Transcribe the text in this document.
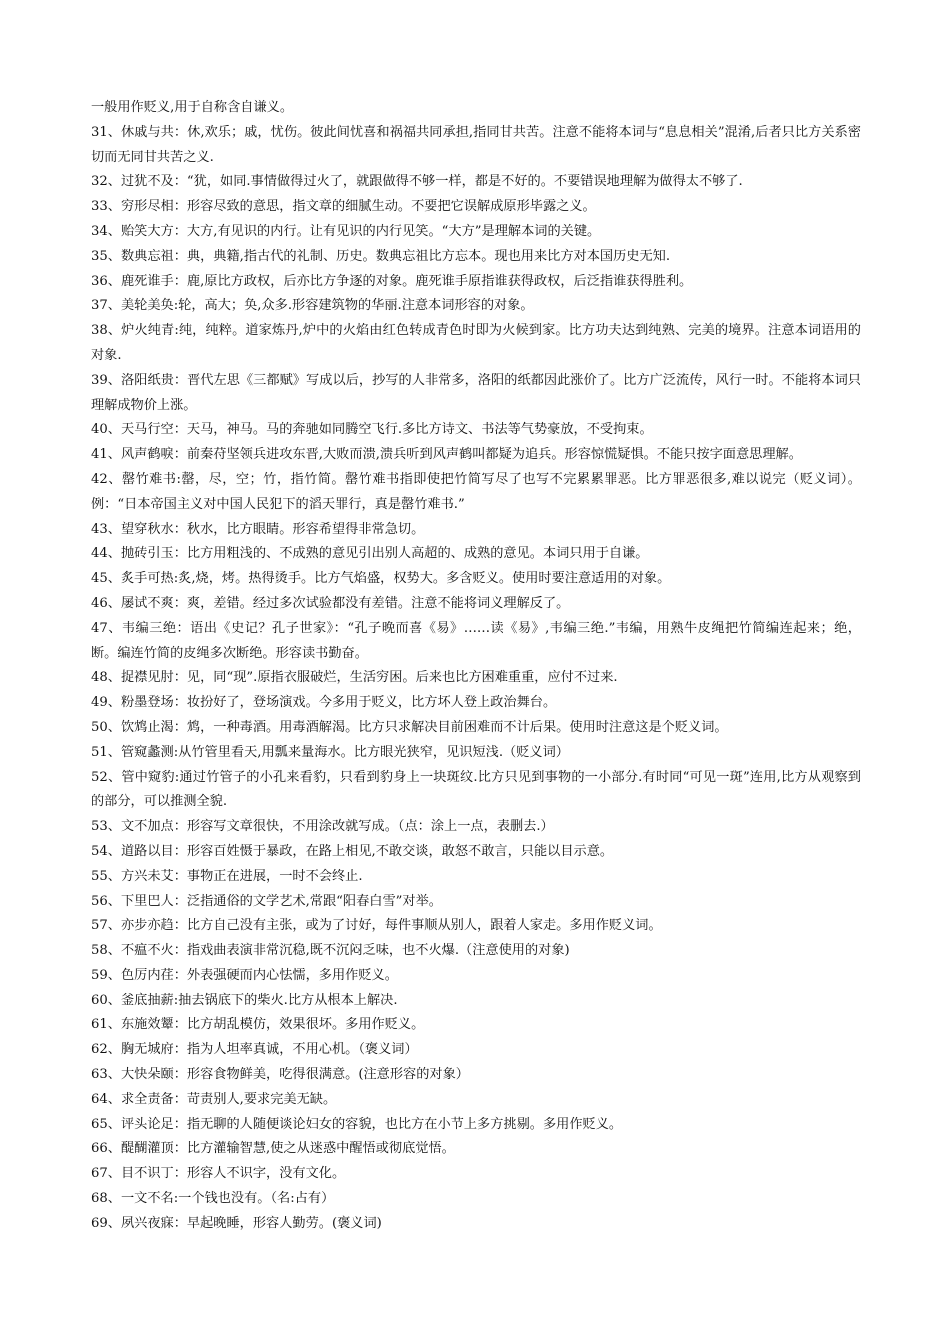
一般用作贬义,用于自称含自谦义。

31、休戚与共：休,欢乐；戚，忧伤。彼此间忧喜和祸福共同承担,指同甘共苦。注意不能将本词与“息息相关”混淆,后者只比方关系密切而无同甘共苦之义.

32、过犹不及：“犹，如同.事情做得过火了，就跟做得不够一样，都是不好的。不要错误地理解为做得太不够了.

33、穷形尽相：形容尽致的意思，指文章的细腻生动。不要把它误解成原形毕露之义。

34、贻笑大方：大方,有见识的内行。让有见识的内行见笑。“大方”是理解本词的关键。

35、数典忘祖：典，典籍,指古代的礼制、历史。数典忘祖比方忘本。现也用来比方对本国历史无知.

36、鹿死谁手：鹿,原比方政权，后亦比方争逐的对象。鹿死谁手原指谁获得政权，后泛指谁获得胜利。

37、美轮美奂:轮，高大；奂,众多.形容建筑物的华丽.注意本词形容的对象。

38、炉火纯青:纯，纯粹。道家炼丹,炉中的火焰由红色转成青色时即为火候到家。比方功夫达到纯熟、完美的境界。注意本词语用的对象.

39、洛阳纸贵：晋代左思《三都赋》写成以后，抄写的人非常多，洛阳的纸都因此涨价了。比方广泛流传，风行一时。不能将本词只理解成物价上涨。

40、天马行空：天马，神马。马的奔驰如同腾空飞行.多比方诗文、书法等气势豪放，不受拘束。

41、风声鹤唳：前秦苻坚领兵进攻东晋,大败而溃,溃兵听到风声鹤叫都疑为追兵。形容惊慌疑惧。不能只按字面意思理解。

42、罄竹难书:罄，尽，空；竹，指竹简。罄竹难书指即使把竹简写尽了也写不完累累罪恶。比方罪恶很多,难以说完（贬义词）。例：“日本帝国主义对中国人民犯下的滔天罪行，真是罄竹难书.”

43、望穿秋水：秋水，比方眼睛。形容希望得非常急切。

44、抛砖引玉：比方用粗浅的、不成熟的意见引出别人高超的、成熟的意见。本词只用于自谦。

45、炙手可热:炙,烧，烤。热得烫手。比方气焰盛，权势大。多含贬义。使用时要注意适用的对象。

46、屡试不爽：爽，差错。经过多次试验都没有差错。注意不能将词义理解反了。

47、韦编三绝：语出《史记？孔子世家》：“孔子晚而喜《易》……读《易》,韦编三绝.”韦编，用熟牛皮绳把竹简编连起来；绝，断。编连竹简的皮绳多次断绝。形容读书勤奋。

48、捉襟见肘：见，同“现”.原指衣服破烂，生活穷困。后来也比方困难重重，应付不过来.

49、粉墨登场：妆扮好了，登场演戏。今多用于贬义，比方坏人登上政治舞台。

50、饮鸩止渴：鸩，一种毒酒。用毒酒解渴。比方只求解决目前困难而不计后果。使用时注意这是个贬义词。

51、管窥蠡测:从竹管里看天,用瓢来量海水。比方眼光狭窄，见识短浅.（贬义词）

52、管中窥豹:通过竹管子的小孔来看豹，只看到豹身上一块斑纹.比方只见到事物的一小部分.有时同“可见一斑”连用,比方从观察到的部分，可以推测全貌.

53、文不加点：形容写文章很快，不用涂改就写成。（点：涂上一点，表删去.）

54、道路以目：形容百姓慑于暴政，在路上相见,不敢交谈，敢怒不敢言，只能以目示意。

55、方兴未艾：事物正在进展，一时不会终止.

56、下里巴人：泛指通俗的文学艺术,常跟“阳春白雪”对举。

57、亦步亦趋：比方自己没有主张，或为了讨好，每件事顺从别人，跟着人家走。多用作贬义词。

58、不瘟不火：指戏曲表演非常沉稳,既不沉闷乏味，也不火爆.（注意使用的对象)

59、色厉内荏：外表强硬而内心怯懦，多用作贬义。

60、釜底抽薪:抽去锅底下的柴火.比方从根本上解决.

61、东施效颦：比方胡乱模仿，效果很坏。多用作贬义。

62、胸无城府：指为人坦率真诚，不用心机。（褒义词）

63、大快朵颐：形容食物鲜美，吃得很满意。(注意形容的对象）

64、求全责备：苛责别人,要求完美无缺。

65、评头论足：指无聊的人随便谈论妇女的容貌，也比方在小节上多方挑剔。多用作贬义。

66、醍醐灌顶：比方灌输智慧,使之从迷惑中醒悟或彻底觉悟。

67、目不识丁：形容人不识字，没有文化。

68、一文不名:一个钱也没有。（名:占有）

69、夙兴夜寐：早起晚睡，形容人勤劳。(褒义词)
